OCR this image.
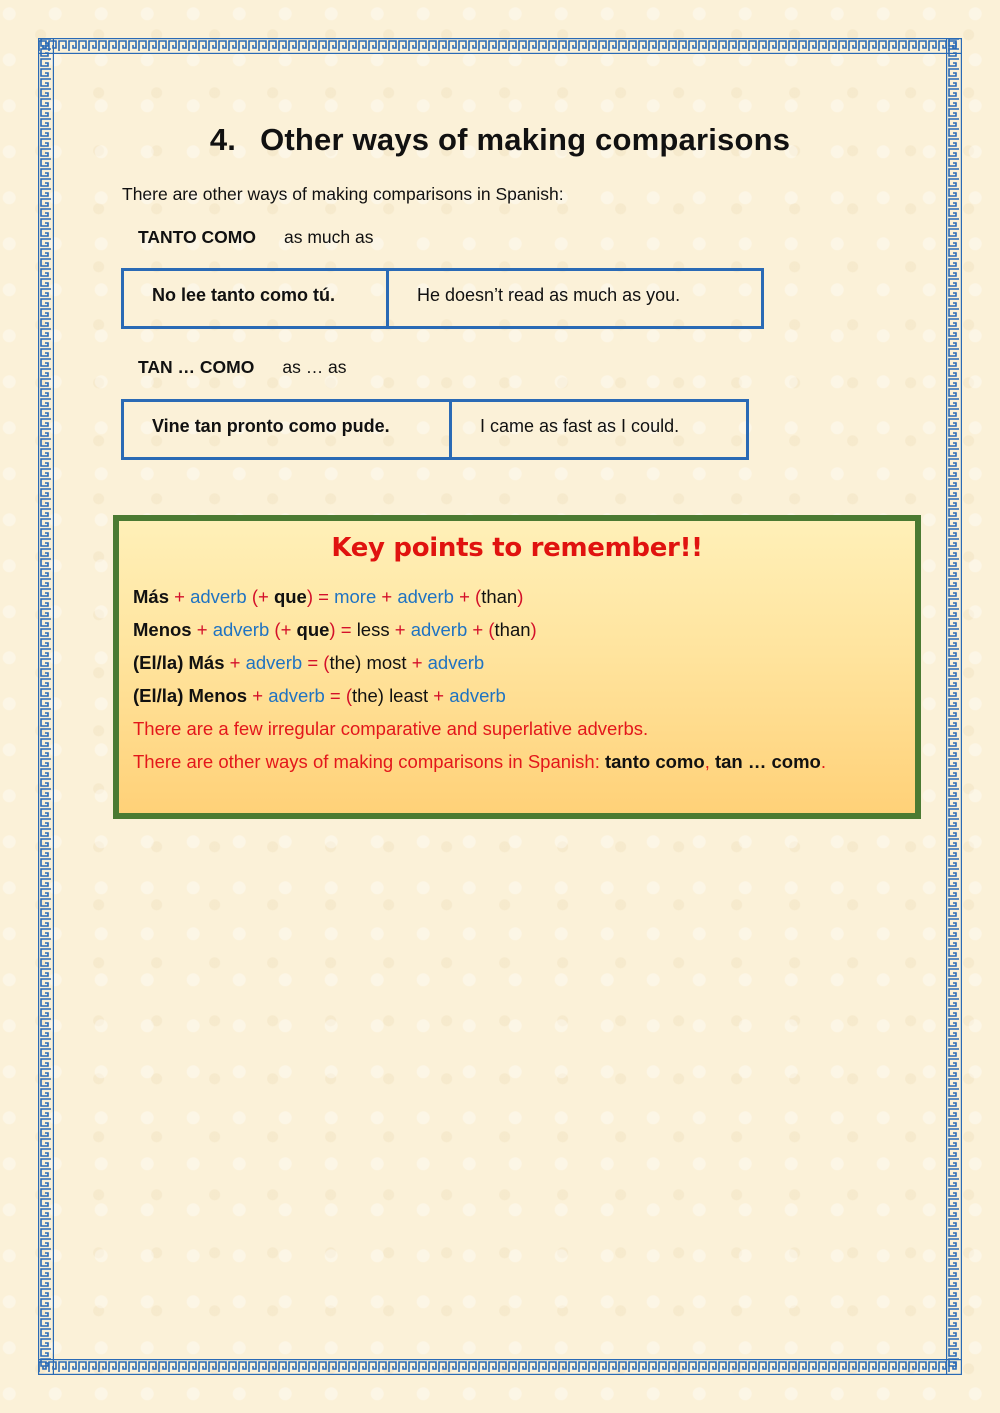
4. Other ways of making comparisons
There are other ways of making comparisons in Spanish:
TANTO COMO as much as
No lee tanto como tú.	He doesn’t read as much as you.
TAN … COMO as … as
Vine tan pronto como pude.	I came as fast as I could.
Key points to remember!!
Más + adverb (+ que) = more + adverb + (than)
Menos + adverb (+ que) = less + adverb + (than)
(El/la) Más + adverb = (the) most + adverb
(El/la) Menos + adverb = (the) least + adverb
There are a few irregular comparative and superlative adverbs.
There are other ways of making comparisons in Spanish: tanto como, tan … como.
